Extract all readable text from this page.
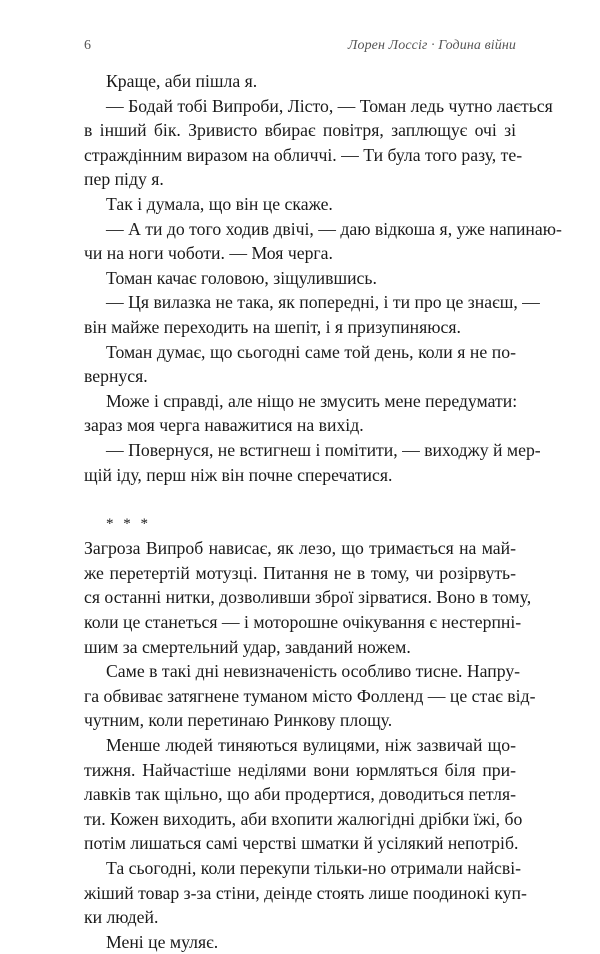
6	Лорен Лоссіг · Година війни
Краще, аби пішла я.
— Бодай тобі Випроби, Лісто, — Томан ледь чутно лається
в інший бік. Зривисто вбирає повітря, заплющує очі зі
страждінним виразом на обличчі. — Ти була того разу, те-
пер піду я.
Так і думала, що він це скаже.
— А ти до того ходив двічі, — даю відкоша я, уже напинаю-
чи на ноги чоботи. — Моя черга.
Томан качає головою, зіщулившись.
— Ця вилазка не така, як попередні, і ти про це знаєш, —
він майже переходить на шепіт, і я призупиняюся.
Томан думає, що сьогодні саме той день, коли я не по-
вернуся.
Може і справді, але ніщо не змусить мене передумати:
зараз моя черга наважитися на вихід.
— Повернуся, не встигнеш і помітити, — виходжу й мер-
щій іду, перш ніж він почне сперечатися.
* * *
Загроза Випроб нависає, як лезо, що тримається на май-
же перетертій мотузці. Питання не в тому, чи розірвуть-
ся останні нитки, дозволивши зброї зірватися. Воно в тому,
коли це станеться — і моторошне очікування є нестерпні-
шим за смертельний удар, завданий ножем.
Саме в такі дні невизначеність особливо тисне. Напру-
га обвиває затягнене туманом місто Фолленд — це стає від-
чутним, коли перетинаю Ринкову площу.
Менше людей тиняються вулицями, ніж зазвичай що-
тижня. Найчастіше неділями вони юрмляться біля при-
лавків так щільно, що аби продертися, доводиться петля-
ти. Кожен виходить, аби вхопити жалюгідні дрібки їжі, бо
потім лишаться самі черстві шматки й усілякий непотріб.
Та сьогодні, коли перекупи тільки-но отримали найсві-
жіший товар з-за стіни, деінде стоять лише поодинокі куп-
ки людей.
Мені це муляє.
